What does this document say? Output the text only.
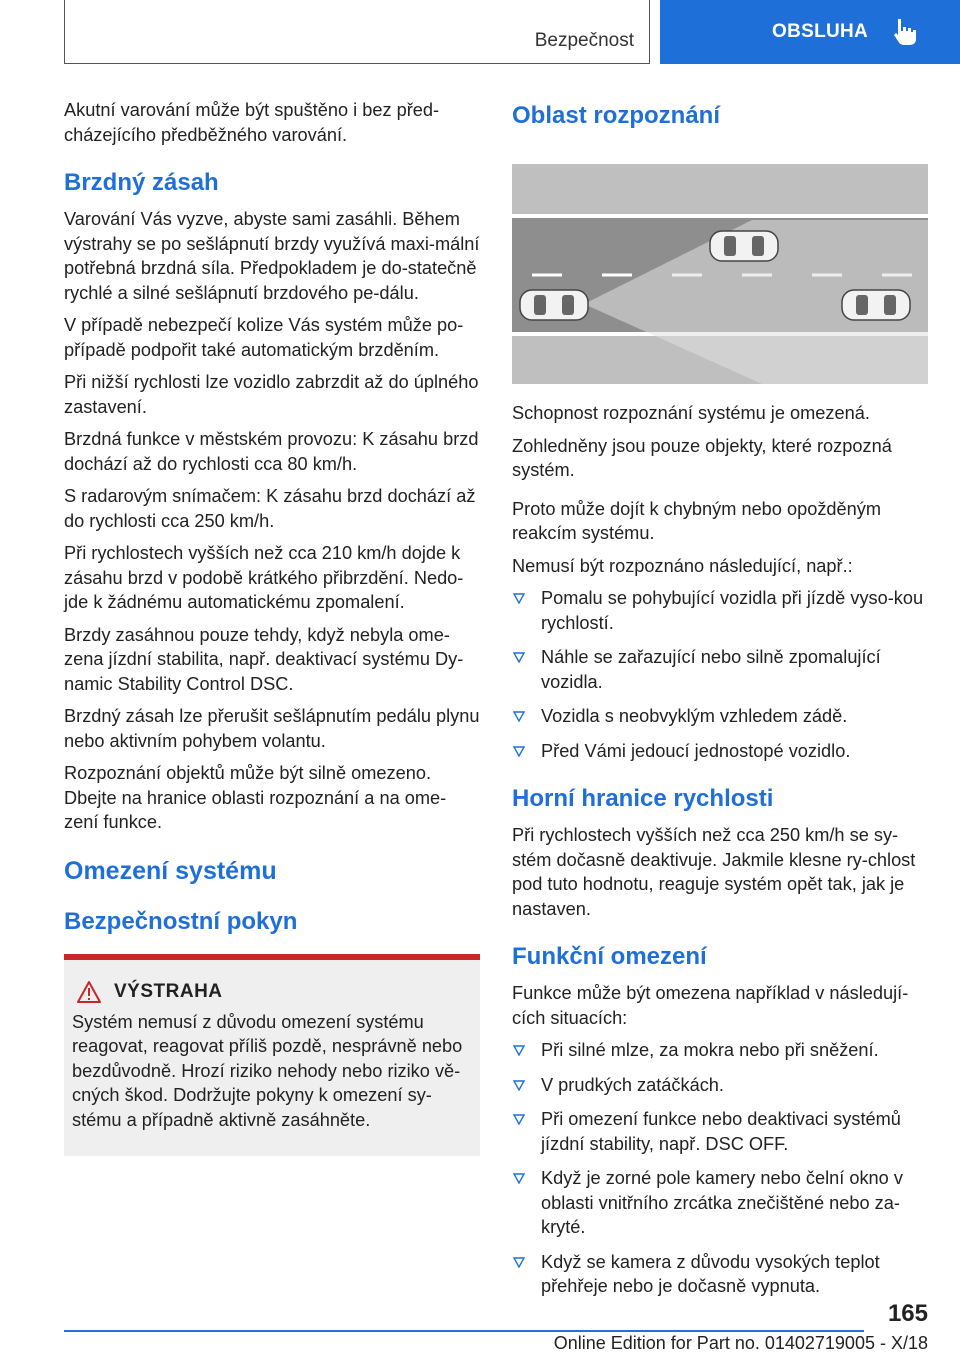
Bezpečnost	OBSLUHA

Akutní varování může být spuštěno i bez před-cházejícího předběžného varování.

Brzdný zásah

Varování Vás vyzve, abyste sami zasáhli. Během výstrahy se po sešlápnutí brzdy využívá maxi-mální potřebná brzdná síla. Předpokladem je do-statečně rychlé a silné sešlápnutí brzdového pe-dálu.

V případě nebezpečí kolize Vás systém může po-případě podpořit také automatickým brzděním.

Při nižší rychlosti lze vozidlo zabrzdit až do úplného zastavení.

Brzdná funkce v městském provozu: K zásahu brzd dochází až do rychlosti cca 80 km/h.

S radarovým snímačem: K zásahu brzd dochází až do rychlosti cca 250 km/h.

Při rychlostech vyšších než cca 210 km/h dojde k zásahu brzd v podobě krátkého přibrzdění. Nedo-jde k žádnému automatickému zpomalení.

Brzdy zasáhnou pouze tehdy, když nebyla ome-zena jízdní stabilita, např. deaktivací systému Dy-namic Stability Control DSC.

Brzdný zásah lze přerušit sešlápnutím pedálu plynu nebo aktivním pohybem volantu.

Rozpoznání objektů může být silně omezeno. Dbejte na hranice oblasti rozpoznání a na ome-zení funkce.

Omezení systému
Bezpečnostní pokyn
VÝSTRAHA

Systém nemusí z důvodu omezení systému reagovat, reagovat příliš pozdě, nesprávně nebo bezdůvodně. Hrozí riziko nehody nebo riziko vě-cných škod. Dodržujte pokyny k omezení sy-stému a případně aktivně zasáhněte.

Oblast rozpoznání

Schopnost rozpoznání systému je omezená.

Zohledněny jsou pouze objekty, které rozpozná systém.

Proto může dojít k chybným nebo opožděným reakcím systému.

Nemusí být rozpoznáno následující, např.:

Pomalu se pohybující vozidla při jízdě vyso-kou rychlostí.
Náhle se zařazující nebo silně zpomalující vozidla.
Vozidla s neobvyklým vzhledem zádě.
Před Vámi jedoucí jednostopé vozidlo.
Horní hranice rychlosti

Při rychlostech vyšších než cca 250 km/h se sy-stém dočasně deaktivuje. Jakmile klesne ry-chlost pod tuto hodnotu, reaguje systém opět tak, jak je nastaven.

Funkční omezení

Funkce může být omezena například v následují-cích situacích:

Při silné mlze, za mokra nebo při sněžení.
V prudkých zatáčkách.
Při omezení funkce nebo deaktivaci systémů jízdní stability, např. DSC OFF.
Když je zorné pole kamery nebo čelní okno v oblasti vnitřního zrcátka znečištěné nebo za-kryté.
Když se kamera z důvodu vysokých teplot přehřeje nebo je dočasně vypnuta.
165
Online Edition for Part no. 01402719005 - X/18
